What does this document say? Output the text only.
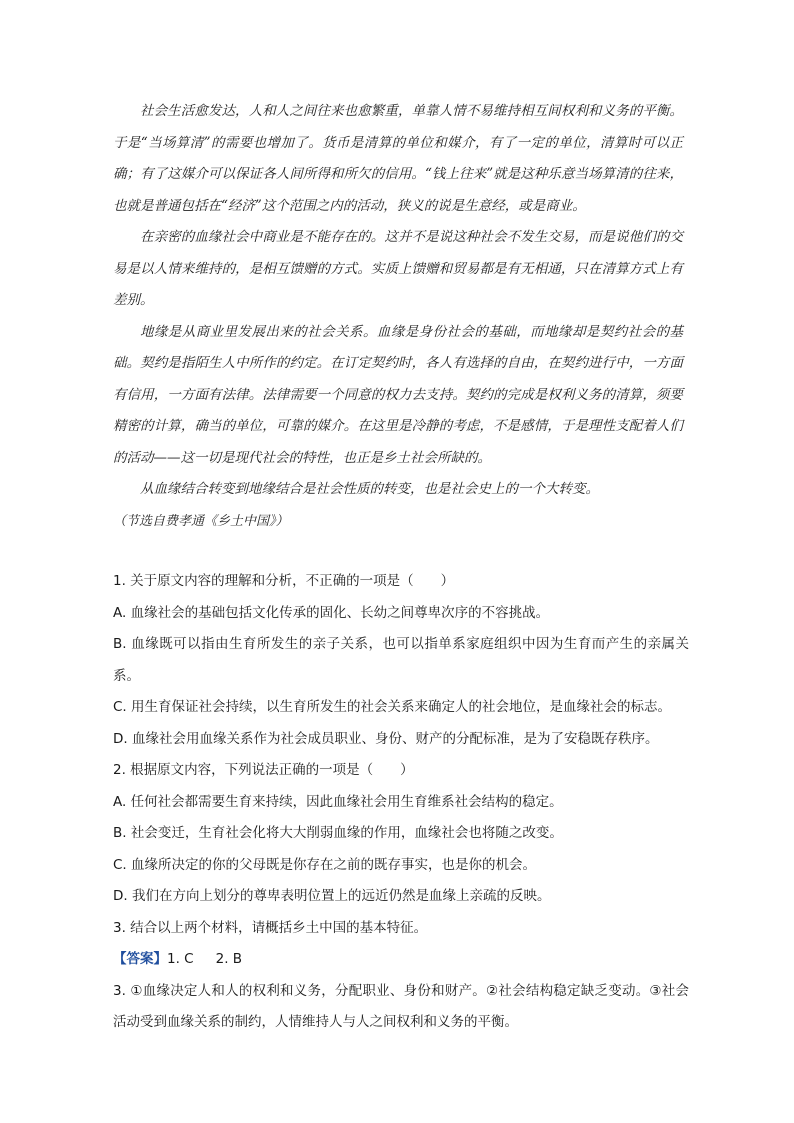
社会生活愈发达，人和人之间往来也愈繁重，单靠人情不易维持相互间权利和义务的平衡。于是“当场算清”的需要也增加了。货币是清算的单位和媒介，有了一定的单位，清算时可以正确；有了这媒介可以保证各人间所得和所欠的信用。“钱上往来”就是这种乐意当场算清的往来，也就是普通包括在“经济”这个范围之内的活动，狭义的说是生意经，或是商业。

在亲密的血缘社会中商业是不能存在的。这并不是说这种社会不发生交易，而是说他们的交易是以人情来维持的，是相互馈赠的方式。实质上馈赠和贸易都是有无相通，只在清算方式上有差别。

地缘是从商业里发展出来的社会关系。血缘是身份社会的基础，而地缘却是契约社会的基础。契约是指陌生人中所作的约定。在订定契约时，各人有选择的自由，在契约进行中，一方面有信用，一方面有法律。法律需要一个同意的权力去支持。契约的完成是权利义务的清算，须要精密的计算，确当的单位，可靠的媒介。在这里是冷静的考虑，不是感情，于是理性支配着人们的活动——这一切是现代社会的特性，也正是乡土社会所缺的。

从血缘结合转变到地缘结合是社会性质的转变，也是社会史上的一个大转变。

（节选自费孝通《乡土中国》）

1. 关于原文内容的理解和分析，不正确的一项是（　　）

A. 血缘社会的基础包括文化传承的固化、长幼之间尊卑次序的不容挑战。

B. 血缘既可以指由生育所发生的亲子关系，也可以指单系家庭组织中因为生育而产生的亲属关系。

C. 用生育保证社会持续，以生育所发生的社会关系来确定人的社会地位，是血缘社会的标志。

D. 血缘社会用血缘关系作为社会成员职业、身份、财产的分配标准，是为了安稳既存秩序。

2. 根据原文内容，下列说法正确的一项是（　　）

A. 任何社会都需要生育来持续，因此血缘社会用生育维系社会结构的稳定。

B. 社会变迁，生育社会化将大大削弱血缘的作用，血缘社会也将随之改变。

C. 血缘所决定的你的父母既是你存在之前的既存事实，也是你的机会。

D. 我们在方向上划分的尊卑表明位置上的远近仍然是血缘上亲疏的反映。

3. 结合以上两个材料，请概括乡土中国的基本特征。

【答案】1. C 2. B

3. ①血缘决定人和人的权利和义务，分配职业、身份和财产。②社会结构稳定缺乏变动。③社会活动受到血缘关系的制约，人情维持人与人之间权利和义务的平衡。
